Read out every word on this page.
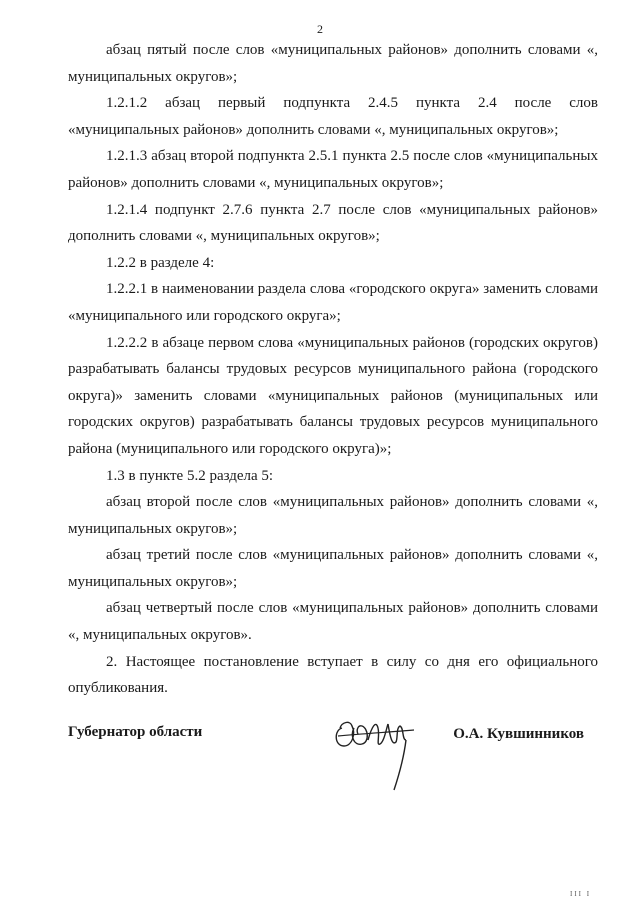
2

абзац пятый после слов «муниципальных районов» дополнить словами «, муниципальных округов»;

1.2.1.2 абзац первый подпункта 2.4.5 пункта 2.4 после слов «муниципальных районов» дополнить словами «, муниципальных округов»;

1.2.1.3 абзац второй подпункта 2.5.1 пункта 2.5 после слов «муниципальных районов» дополнить словами «, муниципальных округов»;

1.2.1.4 подпункт 2.7.6 пункта 2.7 после слов «муниципальных районов» дополнить словами «, муниципальных округов»;

1.2.2 в разделе 4:

1.2.2.1 в наименовании раздела слова «городского округа» заменить словами «муниципального или городского округа»;

1.2.2.2 в абзаце первом слова «муниципальных районов (городских округов) разрабатывать балансы трудовых ресурсов муниципального района (городского округа)» заменить словами «муниципальных районов (муниципальных или городских округов) разрабатывать балансы трудовых ресурсов муниципального района (муниципального или городского округа)»;

1.3 в пункте 5.2 раздела 5:

абзац второй после слов «муниципальных районов» дополнить словами «, муниципальных округов»;

абзац третий после слов «муниципальных районов» дополнить словами «, муниципальных округов»;

абзац четвертый после слов «муниципальных районов» дополнить словами «, муниципальных округов».

2. Настоящее постановление вступает в силу со дня его официального опубликования.

Губернатор области	О.А. Кувшинников
III I
